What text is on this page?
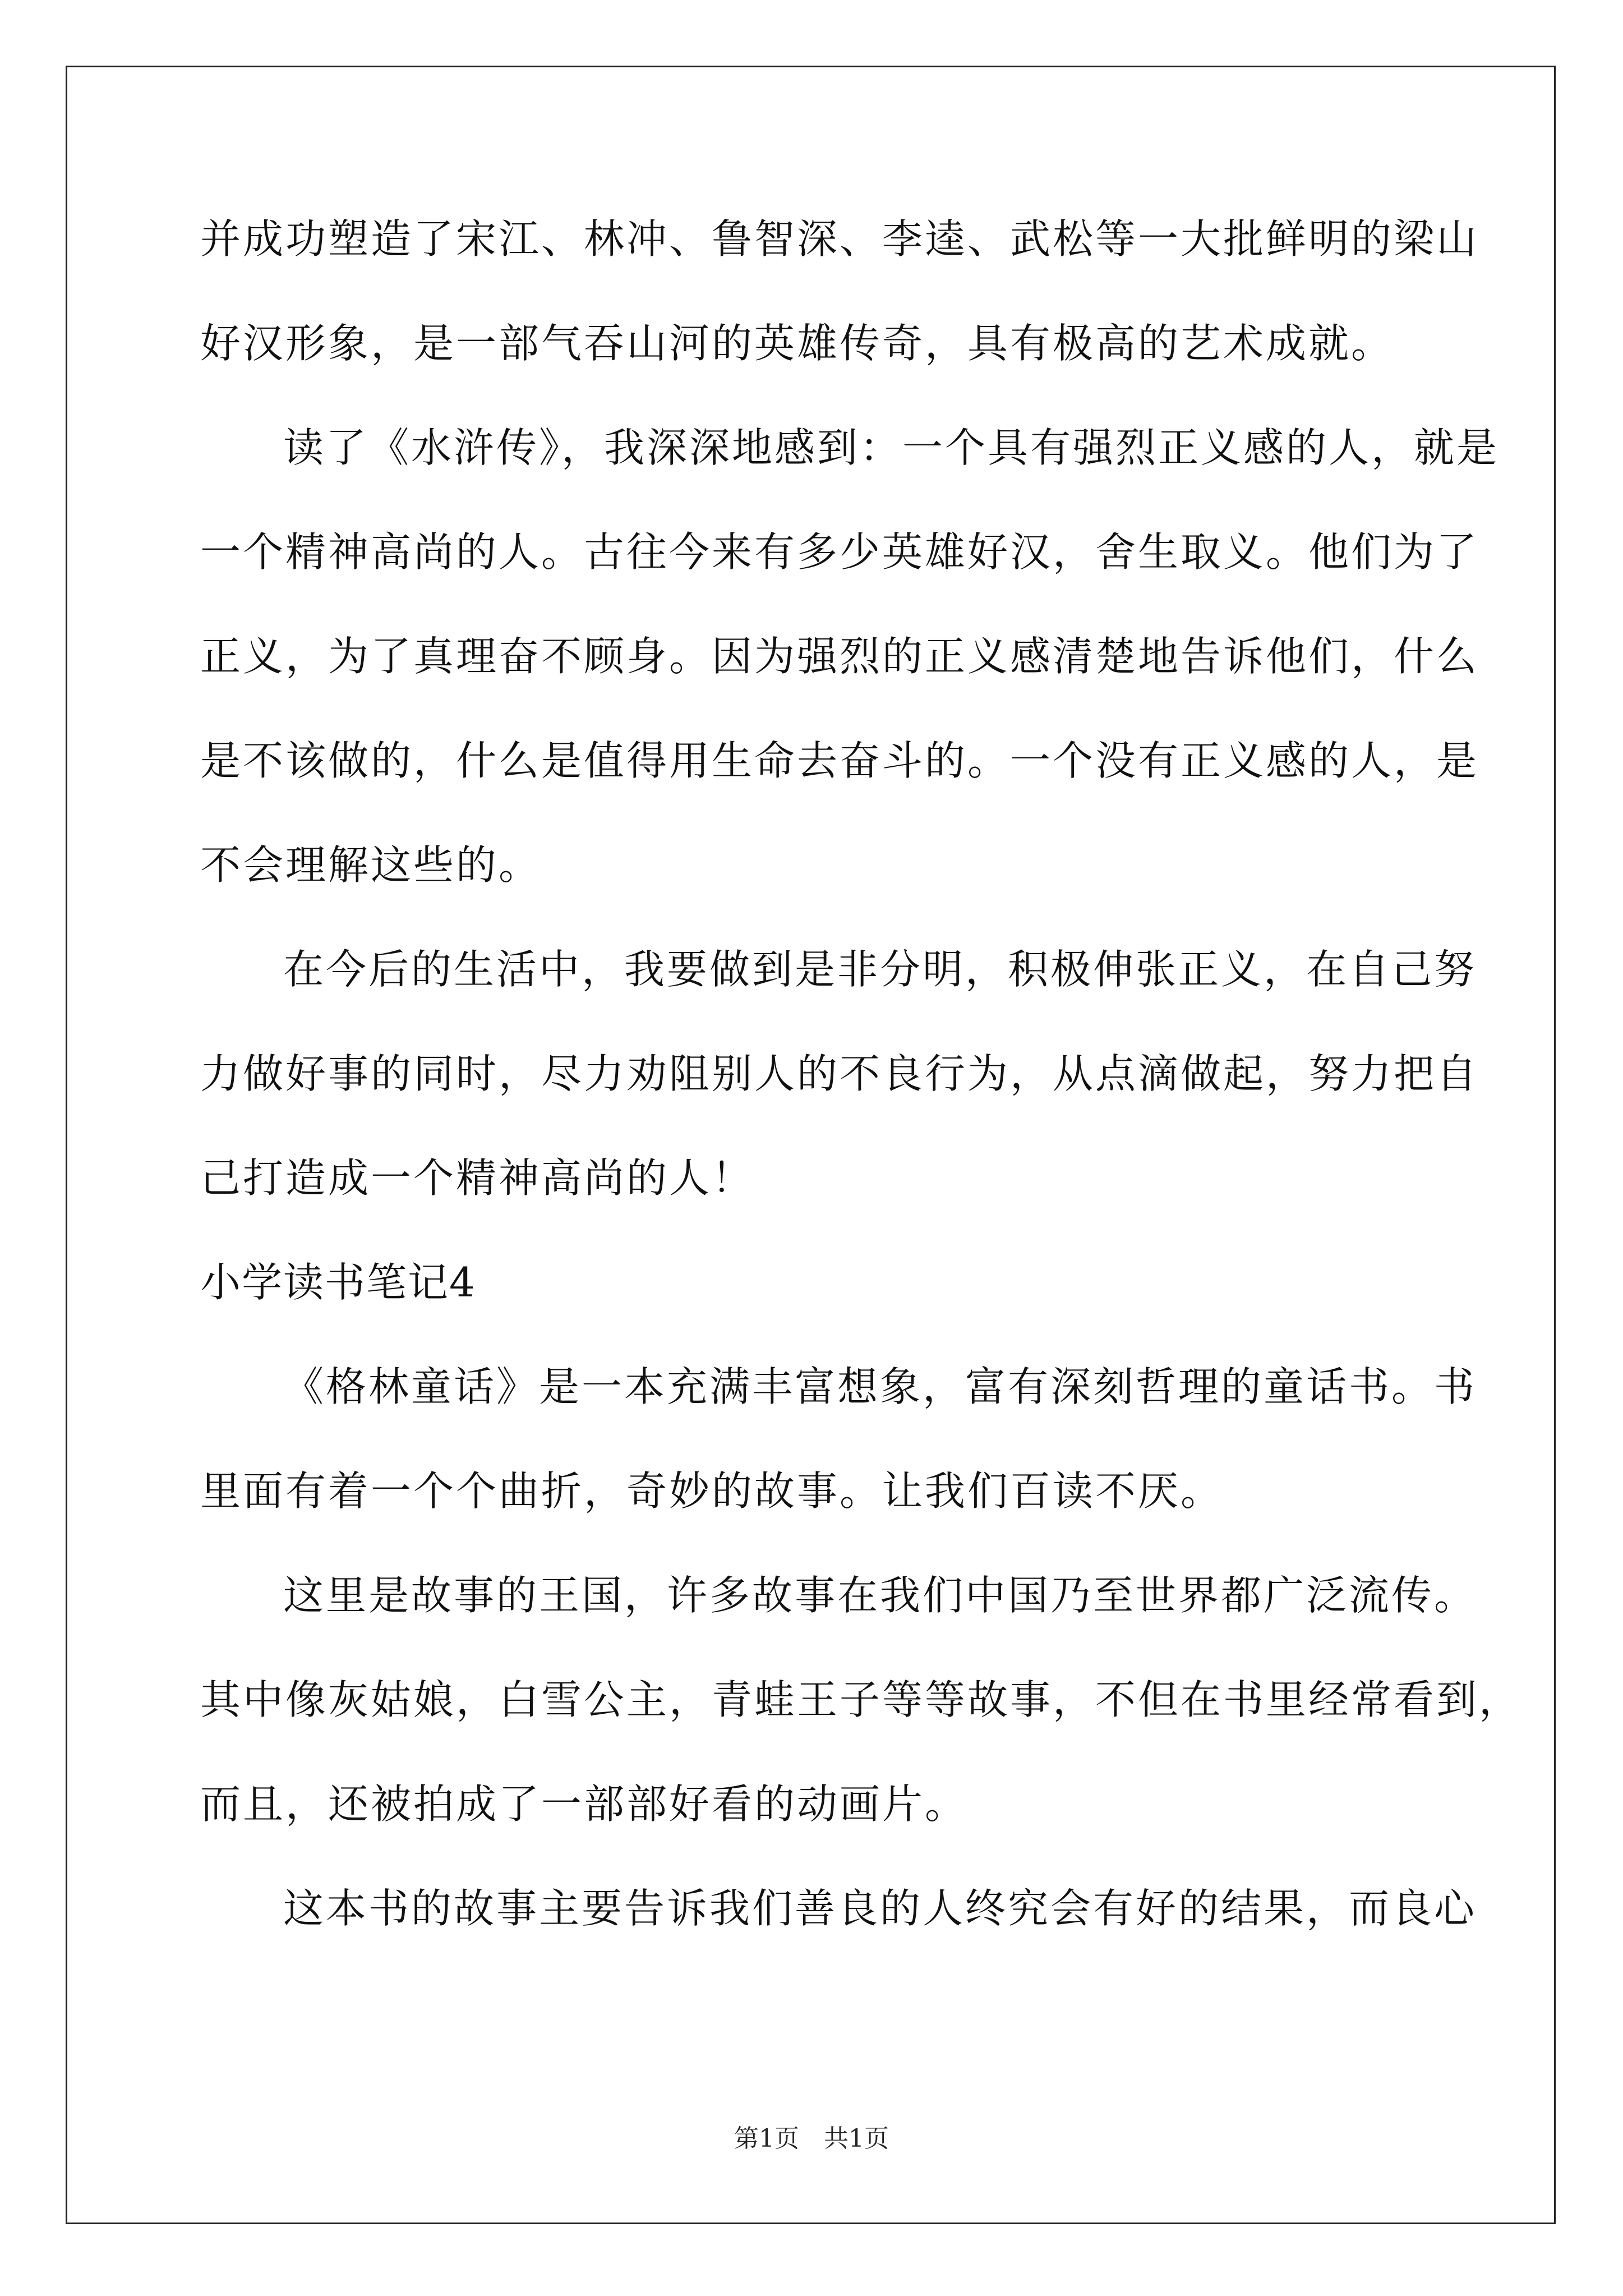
并成功塑造了宋江、林冲、鲁智深、李逵、武松等一大批鲜明的梁山
好汉形象，是一部气吞山河的英雄传奇，具有极高的艺术成就。
读了《水浒传》，我深深地感到：一个具有强烈正义感的人，就是
一个精神高尚的人。古往今来有多少英雄好汉，舍生取义。他们为了
正义，为了真理奋不顾身。因为强烈的正义感清楚地告诉他们，什么
是不该做的，什么是值得用生命去奋斗的。一个没有正义感的人，是
不会理解这些的。
在今后的生活中，我要做到是非分明，积极伸张正义，在自己努
力做好事的同时，尽力劝阻别人的不良行为，从点滴做起，努力把自
己打造成一个精神高尚的人！
小学读书笔记4
《格林童话》是一本充满丰富想象，富有深刻哲理的童话书。书
里面有着一个个曲折，奇妙的故事。让我们百读不厌。
这里是故事的王国，许多故事在我们中国乃至世界都广泛流传。
其中像灰姑娘，白雪公主，青蛙王子等等故事，不但在书里经常看到，
而且，还被拍成了一部部好看的动画片。
这本书的故事主要告诉我们善良的人终究会有好的结果，而良心
第1页　共1页
